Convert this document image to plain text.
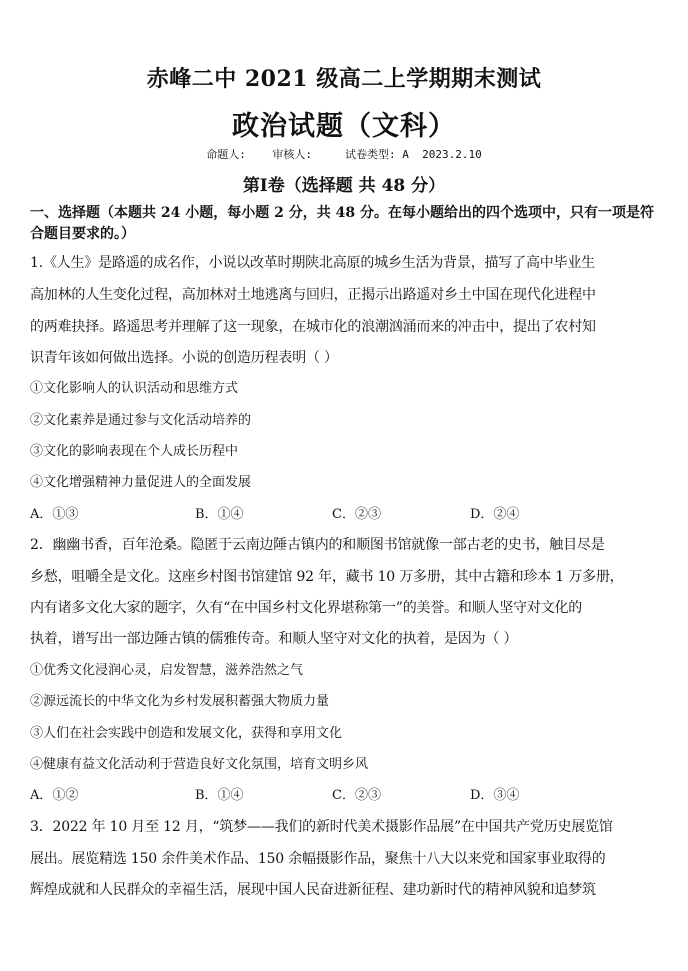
赤峰二中 2021 级高二上学期期末测试
政治试题（文科）
命题人:    审核人:     试卷类型: A  2023.2.10
第Ⅰ卷（选择题 共 48 分）
一、选择题（本题共 24 小题，每小题 2 分，共 48 分。在每小题给出的四个选项中，只有一项是符合题目要求的。）
1.《人生》是路遥的成名作，小说以改革时期陕北高原的城乡生活为背景，描写了高中毕业生
高加林的人生变化过程，高加林对土地逃离与回归，正揭示出路遥对乡土中国在现代化进程中
的两难抉择。路遥思考并理解了这一现象，在城市化的浪潮汹涌而来的冲击中，提出了农村知
识青年该如何做出选择。小说的创造历程表明（ ）
①文化影响人的认识活动和思维方式
②文化素养是通过参与文化活动培养的
③文化的影响表现在个人成长历程中
④文化增强精神力量促进人的全面发展
A．①③	B．①④	C．②③	D．②④
2．幽幽书香，百年沧桑。隐匿于云南边陲古镇内的和顺图书馆就像一部古老的史书，触目尽是
乡愁，咀嚼全是文化。这座乡村图书馆建馆 92 年，藏书 10 万多册，其中古籍和珍本 1 万多册，
内有诸多文化大家的题字，久有“在中国乡村文化界堪称第一”的美誉。和顺人坚守对文化的
执着，谱写出一部边陲古镇的儒雅传奇。和顺人坚守对文化的执着，是因为（ ）
①优秀文化浸润心灵，启发智慧，滋养浩然之气
②源远流长的中华文化为乡村发展积蓄强大物质力量
③人们在社会实践中创造和发展文化，获得和享用文化
④健康有益文化活动利于营造良好文化氛围，培育文明乡风
A．①②	B．①④	C．②③	D．③④
3．2022 年 10 月至 12 月，“筑梦——我们的新时代美术摄影作品展”在中国共产党历史展览馆
展出。展览精选 150 余件美术作品、150 余幅摄影作品，聚焦十八大以来党和国家事业取得的
辉煌成就和人民群众的幸福生活，展现中国人民奋进新征程、建功新时代的精神风貌和追梦筑
